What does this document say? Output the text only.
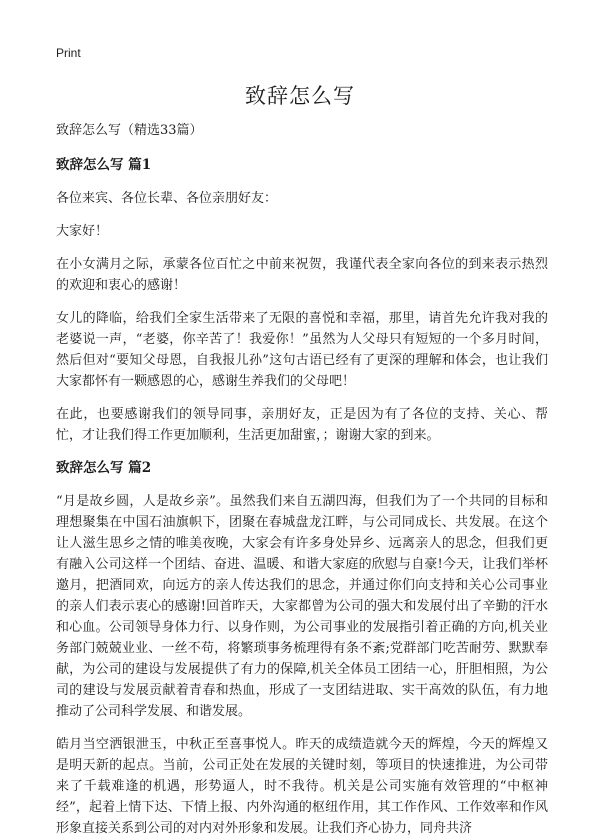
Print
致辞怎么写

致辞怎么写（精选33篇）

致辞怎么写 篇1

各位来宾、各位长辈、各位亲朋好友：

大家好！

在小女满月之际，承蒙各位百忙之中前来祝贺，我谨代表全家向各位的到来表示热烈的欢迎和衷心的感谢！

女儿的降临，给我们全家生活带来了无限的喜悦和幸福，那里，请首先允许我对我的老婆说一声，“老婆，你辛苦了！我爱你！”虽然为人父母只有短短的一个多月时间，然后但对“要知父母恩，自我报儿孙”这句古语已经有了更深的理解和体会，也让我们大家都怀有一颗感恩的心，感谢生养我们的父母吧！

在此，也要感谢我们的领导同事，亲朋好友，正是因为有了各位的支持、关心、帮忙，才让我们得工作更加顺利，生活更加甜蜜，；谢谢大家的到来。

致辞怎么写 篇2

“月是故乡圆，人是故乡亲”。虽然我们来自五湖四海，但我们为了一个共同的目标和理想聚集在中国石油旗帜下，团聚在春城盘龙江畔，与公司同成长、共发展。在这个让人滋生思乡之情的唯美夜晚，大家会有许多身处异乡、远离亲人的思念，但我们更有融入公司这样一个团结、奋进、温暖、和谐大家庭的欣慰与自豪!今天，让我们举杯邀月，把酒同欢，向远方的亲人传达我们的思念，并通过你们向支持和关心公司事业的亲人们表示衷心的感谢!回首昨天，大家都曾为公司的强大和发展付出了辛勤的汗水和心血。公司领导身体力行、以身作则，为公司事业的发展指引着正确的方向,机关业务部门兢兢业业、一丝不苟，将繁琐事务梳理得有条不紊;党群部门吃苦耐劳、默默奉献，为公司的建设与发展提供了有力的保障,机关全体员工团结一心，肝胆相照，为公司的建设与发展贡献着青春和热血，形成了一支团结进取、实干高效的队伍，有力地推动了公司科学发展、和谐发展。

皓月当空洒银泄玉，中秋正至喜事悦人。昨天的成绩造就今天的辉煌，今天的辉煌又是明天新的起点。当前，公司正处在发展的关键时刻，等项目的快速推进，为公司带来了千载难逢的机遇，形势逼人，时不我待。机关是公司实施有效管理的“中枢神经”，起着上情下达、下情上报、内外沟通的枢纽作用，其工作作风、工作效率和作风形象直接关系到公司的对内对外形象和发展。让我们齐心协力，同舟共济
